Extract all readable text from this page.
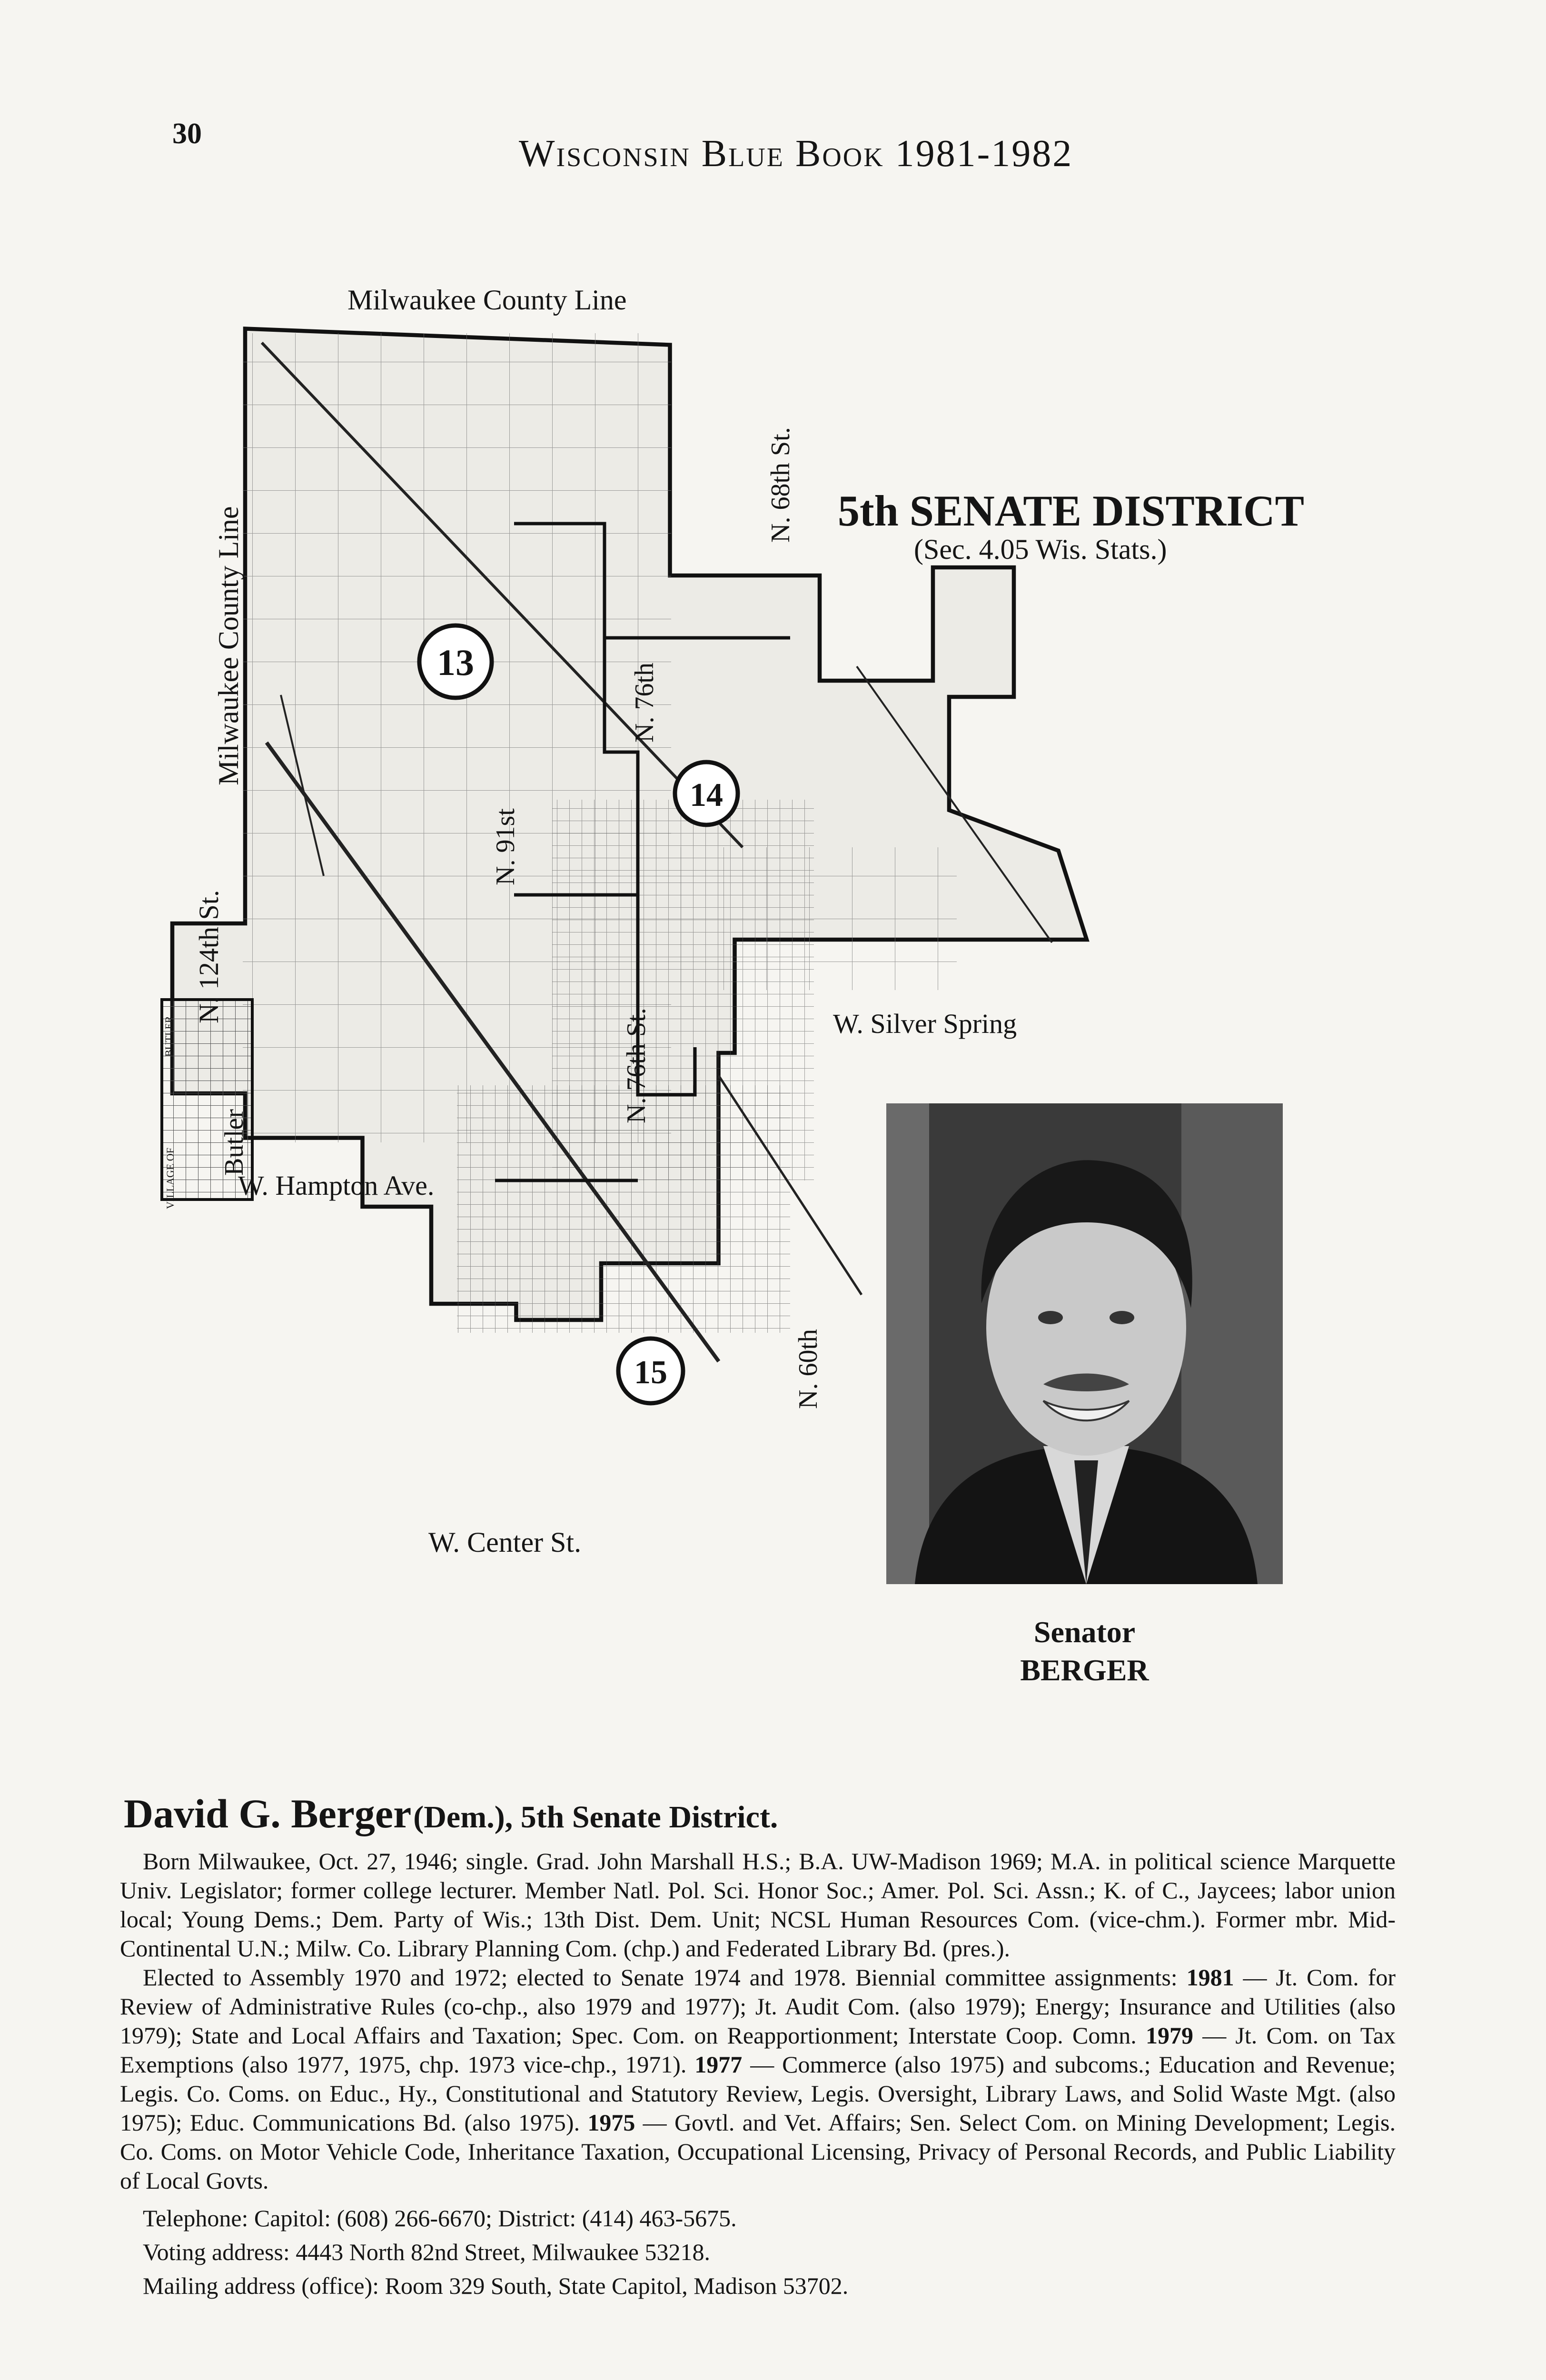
30	Wisconsin Blue Book 1981-1982
Milwaukee County Line
Milwaukee County Line
N. 68th St.
N. 76th
N. 91st
N. 124th St.
N. 76th St.	W. Silver Spring
Butler
VILLAGE OF
BUTLER
W. Hampton Ave.
N. 60th
W. Center St.
13
14
15
5th SENATE DISTRICT
(Sec. 4.05 Wis. Stats.)
Senator
BERGER
David G. Berger (Dem.), 5th Senate District.

Born Milwaukee, Oct. 27, 1946; single. Grad. John Marshall H.S.; B.A. UW-Madison 1969; M.A. in political science Marquette Univ. Legislator; former college lecturer. Member Natl. Pol. Sci. Honor Soc.; Amer. Pol. Sci. Assn.; K. of C., Jaycees; labor union local; Young Dems.; Dem. Party of Wis.; 13th Dist. Dem. Unit; NCSL Human Resources Com. (vice-chm.). Former mbr. Mid-Continental U.N.; Milw. Co. Library Planning Com. (chp.) and Federated Library Bd. (pres.).

Elected to Assembly 1970 and 1972; elected to Senate 1974 and 1978. Biennial committee assignments: 1981 — Jt. Com. for Review of Administrative Rules (co-chp., also 1979 and 1977); Jt. Audit Com. (also 1979); Energy; Insurance and Utilities (also 1979); State and Local Affairs and Taxation; Spec. Com. on Reapportionment; Interstate Coop. Comn. 1979 — Jt. Com. on Tax Exemptions (also 1977, 1975, chp. 1973 vice-chp., 1971). 1977 — Commerce (also 1975) and subcoms.; Education and Revenue; Legis. Co. Coms. on Educ., Hy., Constitutional and Statutory Review, Legis. Oversight, Library Laws, and Solid Waste Mgt. (also 1975); Educ. Communications Bd. (also 1975). 1975 — Govtl. and Vet. Affairs; Sen. Select Com. on Mining Development; Legis. Co. Coms. on Motor Vehicle Code, Inheritance Taxation, Occupational Licensing, Privacy of Personal Records, and Public Liability of Local Govts.

Telephone: Capitol: (608) 266-6670; District: (414) 463-5675.

Voting address: 4443 North 82nd Street, Milwaukee 53218.

Mailing address (office): Room 329 South, State Capitol, Madison 53702.
